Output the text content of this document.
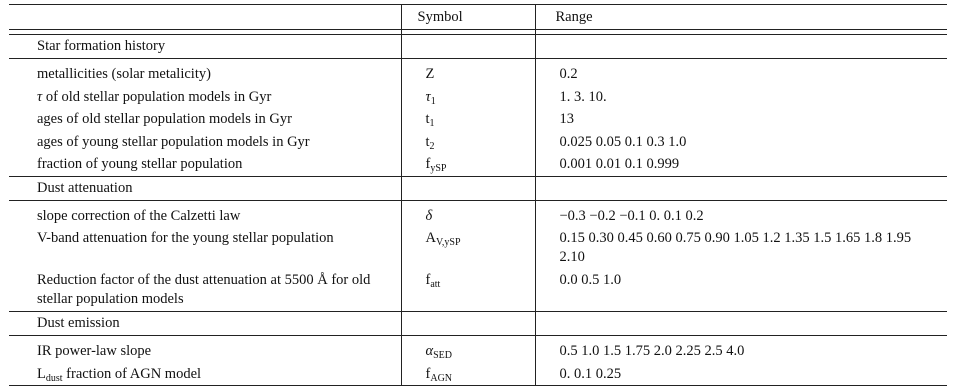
	Symbol	Range

Star formation history		

metallicities (solar metalicity)	Z	0.2
τ of old stellar population models in Gyr	$\tau_1$	1. 3. 10.
ages of old stellar population models in Gyr	$t_1$	13
ages of young stellar population models in Gyr	$t_2$	0.025 0.05 0.1 0.3 1.0
fraction of young stellar population	$f_{ySP}$	0.001 0.01 0.1 0.999
Dust attenuation		

slope correction of the Calzetti law	δ	−0.3 −0.2 −0.1 0. 0.1 0.2
V-band attenuation for the young stellar population	$A_{V,ySP}$	0.15 0.30 0.45 0.60 0.75 0.90 1.05 1.2 1.35 1.5 1.65 1.8 1.95 2.10
Reduction factor of the dust attenuation at 5500 Å for old stellar population models	$f_{att}$	0.0 0.5 1.0
Dust emission		

IR power-law slope	$\alpha_{SED}$	0.5 1.0 1.5 1.75 2.0 2.25 2.5 4.0
$L_{dust}$ fraction of AGN model	$f_{AGN}$	0. 0.1 0.25
